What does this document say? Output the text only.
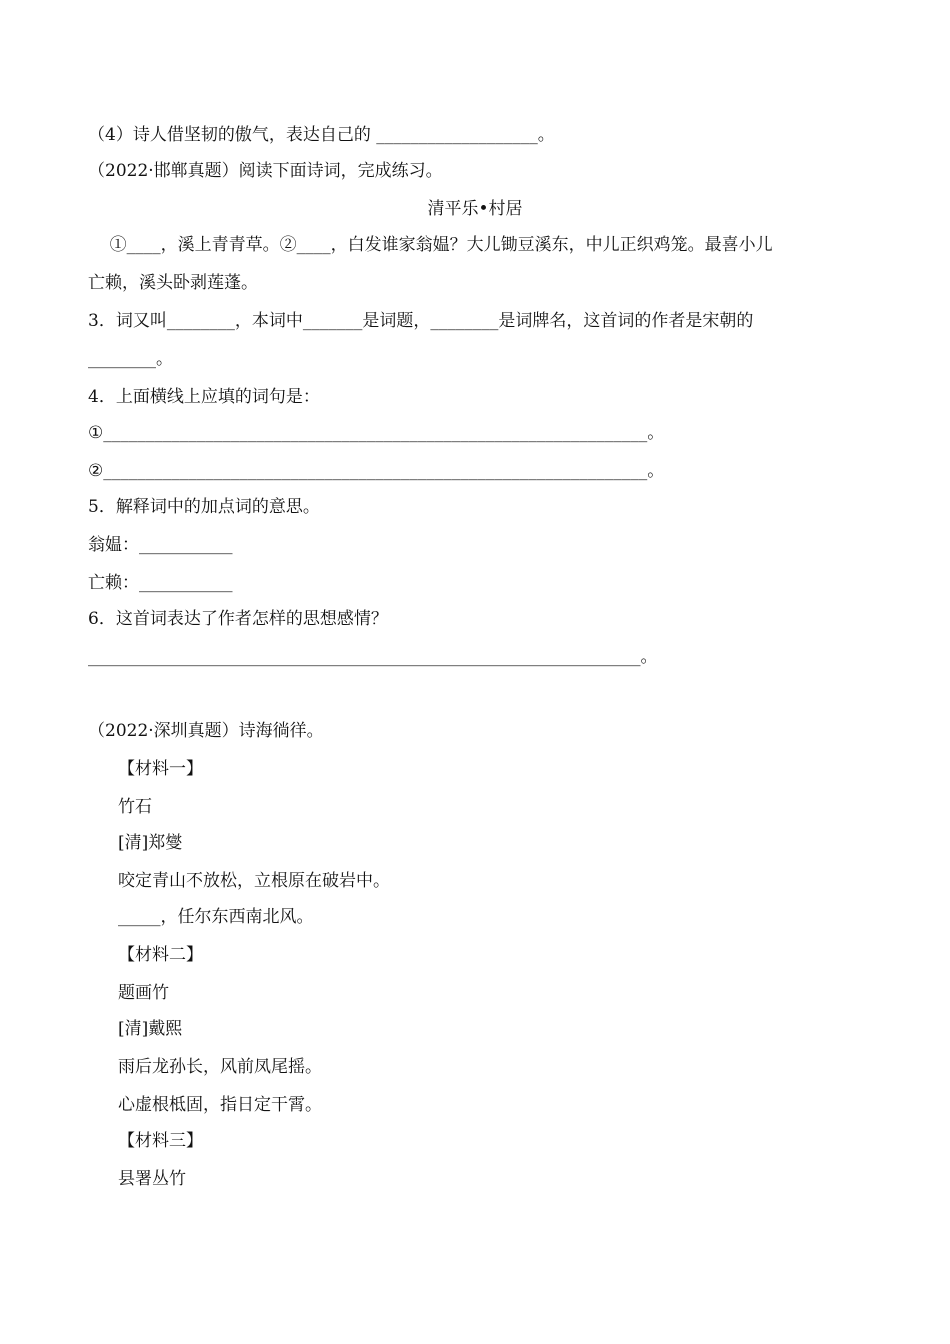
（4）诗人借坚韧的傲气，表达自己的 ___________________。
（2022·邯郸真题）阅读下面诗词，完成练习。
清平乐•村居
①____，溪上青青草。②____，白发谁家翁媪？大儿锄豆溪东，中儿正织鸡笼。最喜小儿
亡赖，溪头卧剥莲蓬。
3．词又叫________，本词中_______是词题，________是词牌名，这首词的作者是宋朝的
________。
4．上面横线上应填的词句是：
①________________________________________________________________。
②________________________________________________________________。
5．解释词中的加点词的意思。
翁媪：___________
亡赖：___________
6．这首词表达了作者怎样的思想感情？
_________________________________________________________________。
（2022·深圳真题）诗海徜徉。
【材料一】
竹石
[清]郑燮
咬定青山不放松，立根原在破岩中。
_____，任尔东西南北风。
【材料二】
题画竹
[清]戴熙
雨后龙孙长，风前凤尾摇。
心虚根柢固，指日定干霄。
【材料三】
县署丛竹
